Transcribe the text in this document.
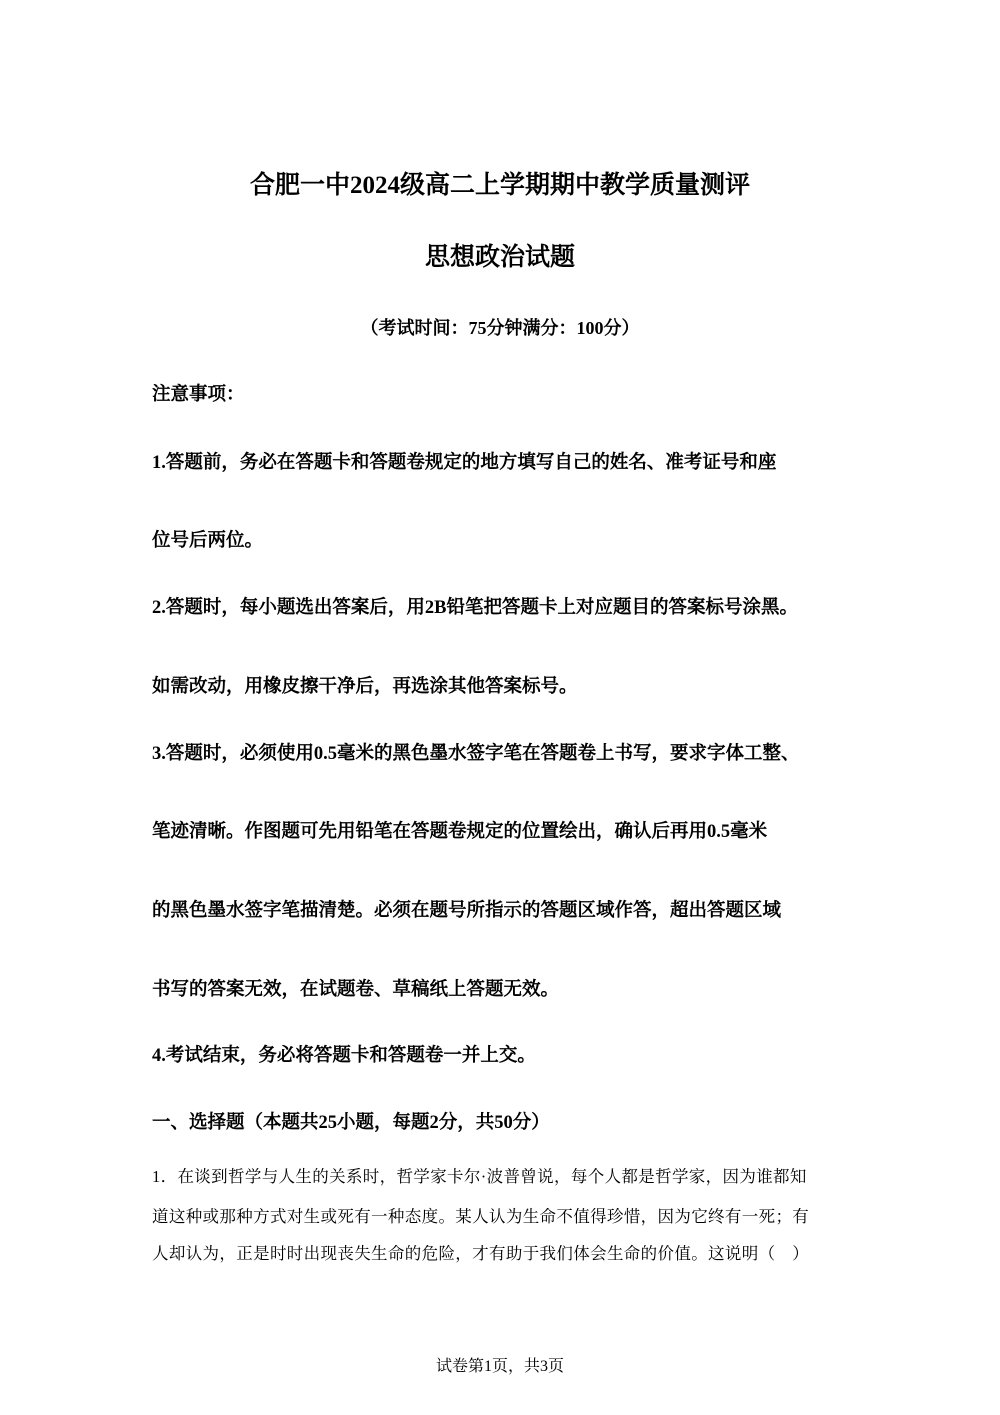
合肥一中2024级高二上学期期中教学质量测评
思想政治试题
（考试时间：75分钟满分：100分）
注意事项：
1.答题前，务必在答题卡和答题卷规定的地方填写自己的姓名、准考证号和座
位号后两位。
2.答题时，每小题选出答案后，用2B铅笔把答题卡上对应题目的答案标号涂黑。
如需改动，用橡皮擦干净后，再选涂其他答案标号。
3.答题时，必须使用0.5毫米的黑色墨水签字笔在答题卷上书写，要求字体工整、
笔迹清晰。作图题可先用铅笔在答题卷规定的位置绘出，确认后再用0.5毫米
的黑色墨水签字笔描清楚。必须在题号所指示的答题区域作答，超出答题区域
书写的答案无效，在试题卷、草稿纸上答题无效。
4.考试结束，务必将答题卡和答题卷一并上交。
一、选择题（本题共25小题，每题2分，共50分）
1．在谈到哲学与人生的关系时，哲学家卡尔·波普曾说，每个人都是哲学家，因为谁都知
道这种或那种方式对生或死有一种态度。某人认为生命不值得珍惜，因为它终有一死；有
人却认为，正是时时出现丧失生命的危险，才有助于我们体会生命的价值。这说明（　）
试卷第1页，共3页
